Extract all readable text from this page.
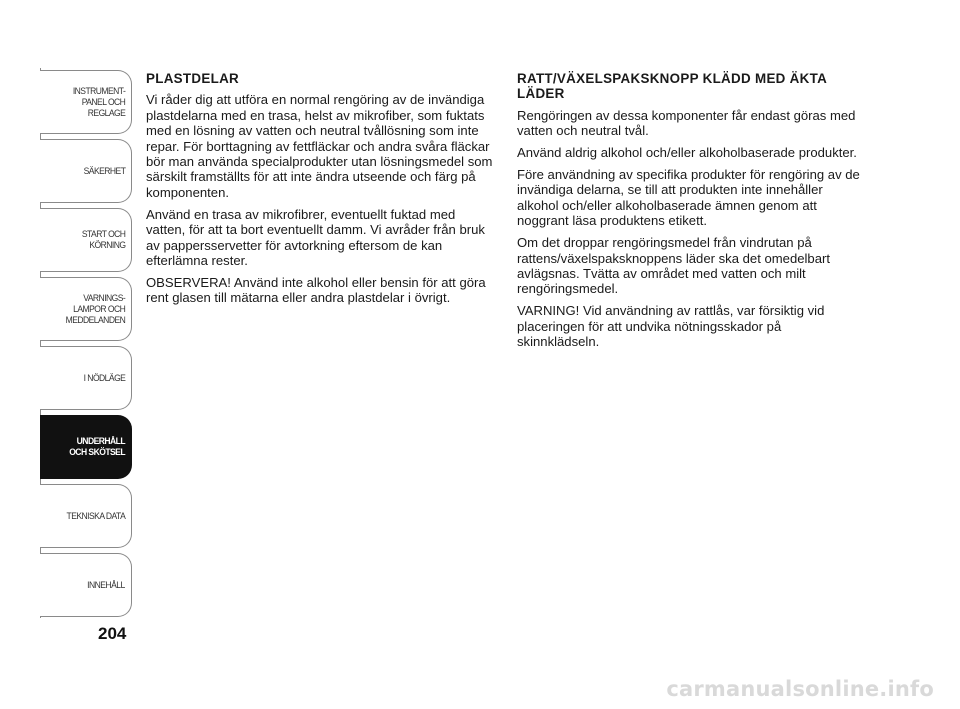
INSTRUMENT-
PANEL OCH
REGLAGE
SÄKERHET
START OCH
KÖRNING
VARNINGS-
LAMPOR OCH
MEDDELANDEN
I NÖDLÄGE
UNDERHÅLL
OCH SKÖTSEL
TEKNISKA DATA
INNEHÅLL
204
PLASTDELAR

Vi råder dig att utföra en normal rengöring av de invändiga plastdelarna med en trasa, helst av mikrofiber, som fuktats med en lösning av vatten och neutral tvållösning som inte repar. För borttagning av fettfläckar och andra svåra fläckar bör man använda specialprodukter utan lösningsmedel som särskilt framställts för att inte ändra utseende och färg på komponenten.

Använd en trasa av mikrofibrer, eventuellt fuktad med vatten, för att ta bort eventuellt damm. Vi avråder från bruk av pappersservetter för avtorkning eftersom de kan efterlämna rester.

OBSERVERA! Använd inte alkohol eller bensin för att göra rent glasen till mätarna eller andra plastdelar i övrigt.

RATT/VÄXELSPAKSKNOPP KLÄDD MED ÄKTA LÄDER

Rengöringen av dessa komponenter får endast göras med vatten och neutral tvål.

Använd aldrig alkohol och/eller alkoholbaserade produkter.

Före användning av specifika produkter för rengöring av de invändiga delarna, se till att produkten inte innehåller alkohol och/eller alkoholbaserade ämnen genom att noggrant läsa produktens etikett.

Om det droppar rengöringsmedel från vindrutan på rattens/växelspaksknoppens läder ska det omedelbart avlägsnas. Tvätta av området med vatten och milt rengöringsmedel.

VARNING! Vid användning av rattlås, var försiktig vid placeringen för att undvika nötningsskador på skinnklädseln.

carmanualsonline.info
